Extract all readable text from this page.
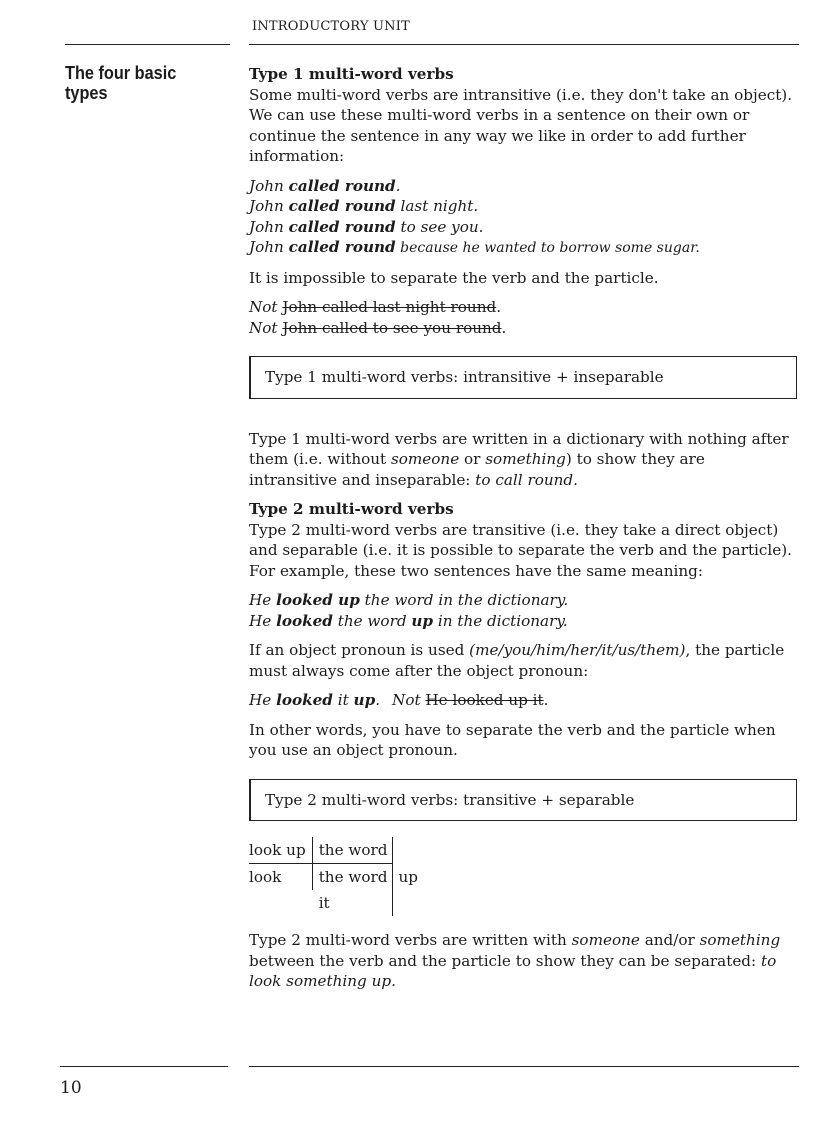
INTRODUCTORY UNIT
The four basic types

Type 1 multi-word verbs

Some multi-word verbs are intransitive (i.e. they don't take an object). We can use these multi-word verbs in a sentence on their own or continue the sentence in any way we like in order to add further information:

John called round.

John called round last night.

John called round to see you.

John called round because he wanted to borrow some sugar.

It is impossible to separate the verb and the particle.

Not John called last night round.

Not John called to see you round.

Type 1 multi-word verbs: intransitive + inseparable

Type 1 multi-word verbs are written in a dictionary with nothing after them (i.e. without someone or something) to show they are intransitive and inseparable: to call round.

Type 2 multi-word verbs

Type 2 multi-word verbs are transitive (i.e. they take a direct object) and separable (i.e. it is possible to separate the verb and the particle). For example, these two sentences have the same meaning:

He looked up the word in the dictionary.

He looked the word up in the dictionary.

If an object pronoun is used (me/you/him/her/it/us/them), the particle must always come after the object pronoun:

He looked it up. Not He looked up it.

In other words, you have to separate the verb and the particle when you use an object pronoun.

Type 2 multi-word verbs: transitive + separable
look up	the word	
look	the word	up
	it	

Type 2 multi-word verbs are written with someone and/or something between the verb and the particle to show they can be separated: to look something up.

10
